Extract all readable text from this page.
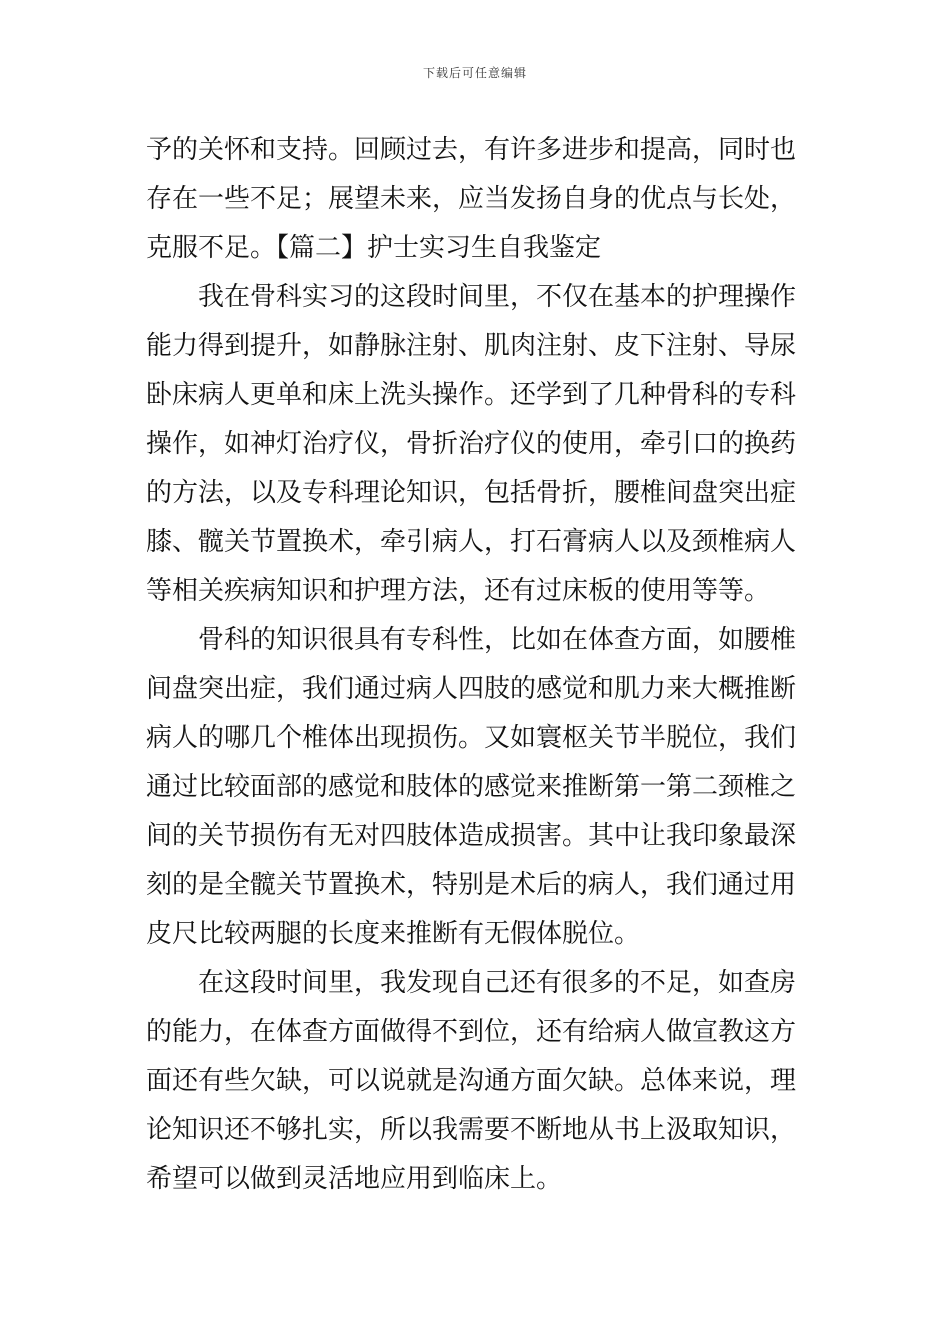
下载后可任意编辑
予的关怀和支持。回顾过去，有许多进步和提高，同时也
存在一些不足；展望未来，应当发扬自身的优点与长处，
克服不足。【篇二】护士实习生自我鉴定
我在骨科实习的这段时间里，不仅在基本的护理操作
能力得到提升，如静脉注射、肌肉注射、皮下注射、导尿
卧床病人更单和床上洗头操作。还学到了几种骨科的专科
操作，如神灯治疗仪，骨折治疗仪的使用，牵引口的换药
的方法，以及专科理论知识，包括骨折，腰椎间盘突出症
膝、髋关节置换术，牵引病人，打石膏病人以及颈椎病人
等相关疾病知识和护理方法，还有过床板的使用等等。
骨科的知识很具有专科性，比如在体查方面，如腰椎
间盘突出症，我们通过病人四肢的感觉和肌力来大概推断
病人的哪几个椎体出现损伤。又如寰枢关节半脱位，我们
通过比较面部的感觉和肢体的感觉来推断第一第二颈椎之
间的关节损伤有无对四肢体造成损害。其中让我印象最深
刻的是全髋关节置换术，特别是术后的病人，我们通过用
皮尺比较两腿的长度来推断有无假体脱位。
在这段时间里，我发现自己还有很多的不足，如查房
的能力，在体查方面做得不到位，还有给病人做宣教这方
面还有些欠缺，可以说就是沟通方面欠缺。总体来说，理
论知识还不够扎实，所以我需要不断地从书上汲取知识，
希望可以做到灵活地应用到临床上。
